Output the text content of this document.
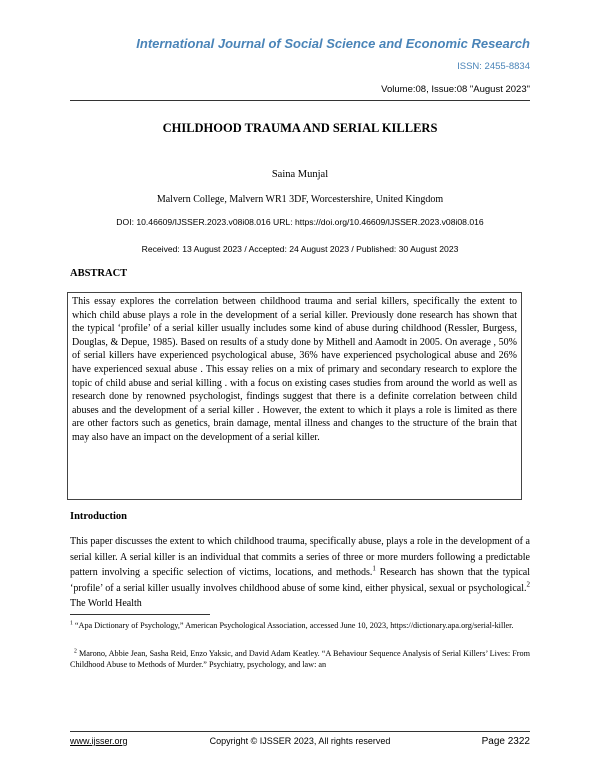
International Journal of Social Science and Economic Research
ISSN: 2455-8834
Volume:08, Issue:08 "August 2023"
CHILDHOOD TRAUMA AND SERIAL KILLERS
Saina Munjal
Malvern College, Malvern WR1 3DF, Worcestershire, United Kingdom
DOI: 10.46609/IJSSER.2023.v08i08.016 URL: https://doi.org/10.46609/IJSSER.2023.v08i08.016
Received: 13 August 2023 / Accepted: 24 August 2023 / Published: 30 August 2023
ABSTRACT
This essay explores the correlation between childhood trauma and serial killers, specifically the extent to which child abuse plays a role in the development of a serial killer. Previously done research has shown that the typical ‘profile’ of a serial killer usually includes some kind of abuse during childhood (Ressler, Burgess, Douglas, & Depue, 1985). Based on results of a study done by Mithell and Aamodt in 2005. On average , 50% of serial killers have experienced psychological abuse, 36% have experienced psychological abuse and 26% have experienced sexual abuse . This essay relies on a mix of primary and secondary research to explore the topic of child abuse and serial killing . with a focus on existing cases studies from around the world as well as research done by renowned psychologist, findings suggest that there is a definite correlation between child abuses and the development of a serial killer . However, the extent to which it plays a role is limited as there are other factors such as genetics, brain damage, mental illness and changes to the structure of the brain that may also have an impact on the development of a serial killer.
Introduction
This paper discusses the extent to which childhood trauma, specifically abuse, plays a role in the development of a serial killer. A serial killer is an individual that commits a series of three or more murders following a predictable pattern involving a specific selection of victims, locations, and methods.$^1$ Research has shown that the typical ‘profile’ of a serial killer usually involves childhood abuse of some kind, either physical, sexual or psychological.$^2$ The World Health
$^1$ “Apa Dictionary of Psychology,” American Psychological Association, accessed June 10, 2023, https://dictionary.apa.org/serial-killer.
$^2$ Marono, Abbie Jean, Sasha Reid, Enzo Yaksic, and David Adam Keatley. “A Behaviour Sequence Analysis of Serial Killers’ Lives: From Childhood Abuse to Methods of Murder.” Psychiatry, psychology, and law: an
www.ijsser.org	Copyright © IJSSER 2023, All rights reserved	Page 2322
